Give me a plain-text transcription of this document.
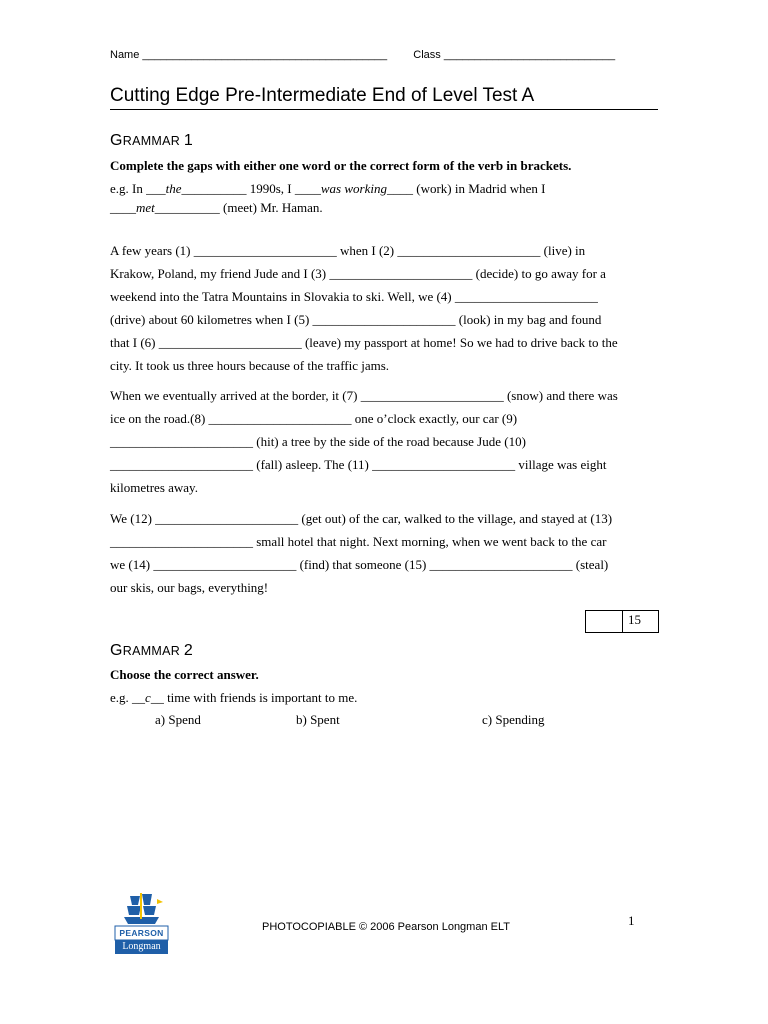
Name ________________________________________ Class ____________________________
Cutting Edge Pre-Intermediate End of Level Test A
GRAMMAR 1
Complete the gaps with either one word or the correct form of the verb in brackets.
e.g. In ___the__________ 1990s, I ____was working____ (work) in Madrid when I
____met__________ (meet) Mr. Haman.
A few years (1) ______________________ when I (2) ______________________ (live) in
Krakow, Poland, my friend Jude and I (3) ______________________ (decide) to go away for a
weekend into the Tatra Mountains in Slovakia to ski. Well, we (4) ______________________
(drive) about 60 kilometres when I (5) ______________________ (look) in my bag and found
that I (6) ______________________ (leave) my passport at home! So we had to drive back to the
city. It took us three hours because of the traffic jams.
When we eventually arrived at the border, it (7) ______________________ (snow) and there was
ice on the road.(8) ______________________ one o’clock exactly, our car (9)
______________________ (hit) a tree by the side of the road because Jude (10)
______________________ (fall) asleep. The (11) ______________________ village was eight
kilometres away.
We (12) ______________________ (get out) of the car, walked to the village, and stayed at (13)
______________________ small hotel that night. Next morning, when we went back to the car
we (14) ______________________ (find) that someone (15) ______________________ (steal)
our skis, our bags, everything!
15
GRAMMAR 2
Choose the correct answer.
e.g. __c__ time with friends is important to me.
a) Spend	b) Spent	c) Spending
PEARSON
Longman
PHOTOCOPIABLE © 2006 Pearson Longman ELT	1
